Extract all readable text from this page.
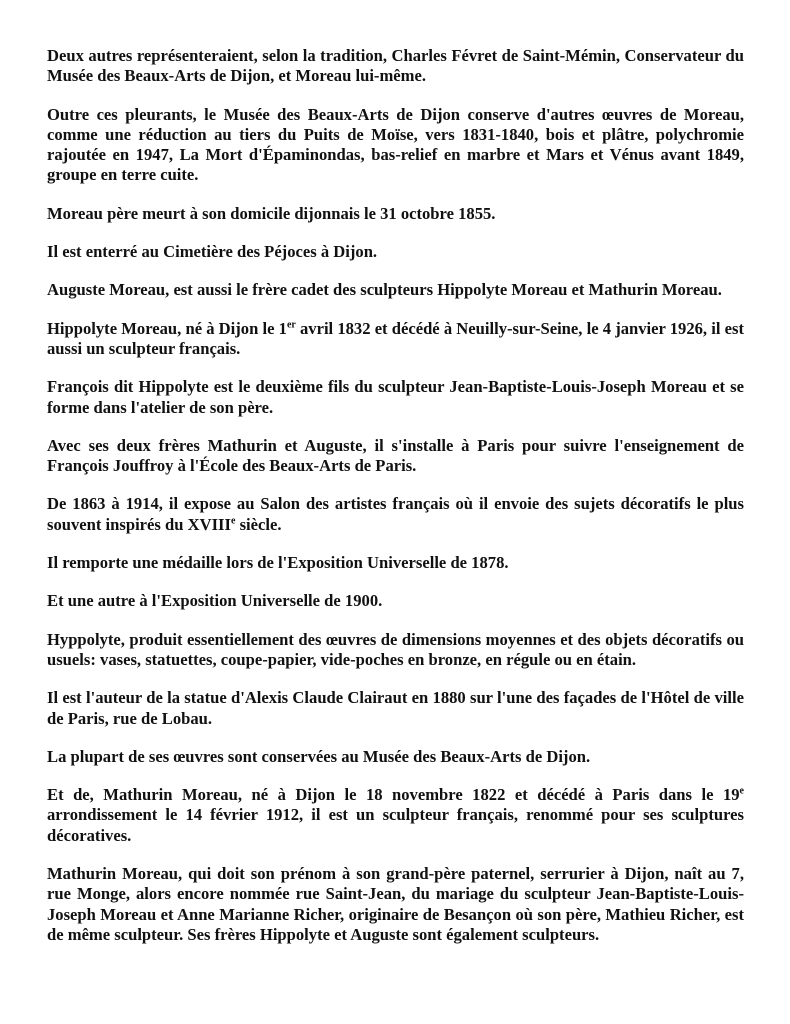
Deux autres représenteraient, selon la tradition, Charles Févret de Saint-Mémin, Conservateur du Musée des Beaux-Arts de Dijon, et Moreau lui-même.

Outre ces pleurants, le Musée des Beaux-Arts de Dijon conserve d'autres œuvres de Moreau, comme une réduction au tiers du Puits de Moïse, vers 1831-1840, bois et plâtre, polychromie rajoutée en 1947, La Mort d'Épaminondas, bas-relief en marbre et Mars et Vénus avant 1849, groupe en terre cuite.

Moreau père meurt à son domicile dijonnais le 31 octobre 1855.

Il est enterré au Cimetière des Péjoces à Dijon.

Auguste Moreau, est aussi le frère cadet des sculpteurs Hippolyte Moreau et Mathurin Moreau.

Hippolyte Moreau, né à Dijon le 1er avril 1832 et décédé à Neuilly-sur-Seine, le 4 janvier 1926, il est aussi un sculpteur français.

François dit Hippolyte est le deuxième fils du sculpteur Jean-Baptiste-Louis-Joseph Moreau et se forme dans l'atelier de son père.

Avec ses deux frères Mathurin et Auguste, il s'installe à Paris pour suivre l'enseignement de François Jouffroy à l'École des Beaux-Arts de Paris.

De 1863 à 1914, il expose au Salon des artistes français où il envoie des sujets décoratifs le plus souvent inspirés du XVIIIe siècle.

Il remporte une médaille lors de l'Exposition Universelle de 1878.

Et une autre à l'Exposition Universelle de 1900.

Hyppolyte, produit essentiellement des œuvres de dimensions moyennes et des objets décoratifs ou usuels: vases, statuettes, coupe-papier, vide-poches en bronze, en régule ou en étain.

Il est l'auteur de la statue d'Alexis Claude Clairaut en 1880 sur l'une des façades de l'Hôtel de ville de Paris, rue de Lobau.

La plupart de ses œuvres sont conservées au Musée des Beaux-Arts de Dijon.

Et de, Mathurin Moreau, né à Dijon le 18 novembre 1822 et décédé à Paris dans le 19e arrondissement le 14 février 1912, il est un sculpteur français, renommé pour ses sculptures décoratives.

Mathurin Moreau, qui doit son prénom à son grand-père paternel, serrurier à Dijon, naît au 7, rue Monge, alors encore nommée rue Saint-Jean, du mariage du sculpteur Jean-Baptiste-Louis-Joseph Moreau et Anne Marianne Richer, originaire de Besançon où son père, Mathieu Richer, est de même sculpteur. Ses frères Hippolyte et Auguste sont également sculpteurs.
